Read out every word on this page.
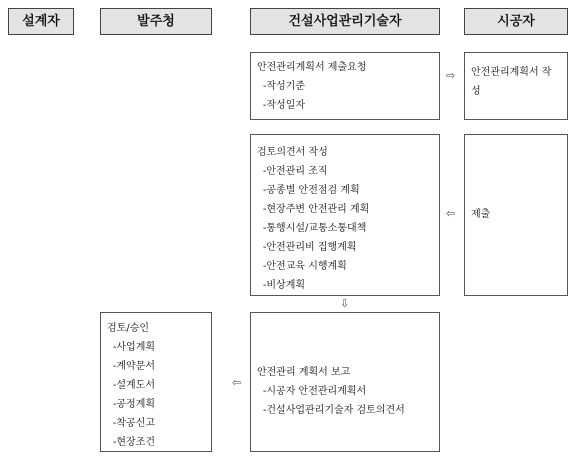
설계자	발주청	건설사업관리기술자	시공자
안전관리계획서 제출요청
-작성기준
-작성일자
⇨	안전관리계획서 작성
검토의견서 작성
-안전관리 조직
-공종별 안전점검 계획
-현장주변 안전관리 계획
-통행시설/교통소통대책
-안전관리비 집행계획
-안전교육 시행계획
-비상계획
⇦	제출
⇩
검토/승인
-사업계획
-계약문서
-설계도서
-공정계획
-착공신고
-현장조건
⇦
안전관리 계획서 보고
-시공자 안전관리계획서
-건설사업관리기술자 검토의견서
